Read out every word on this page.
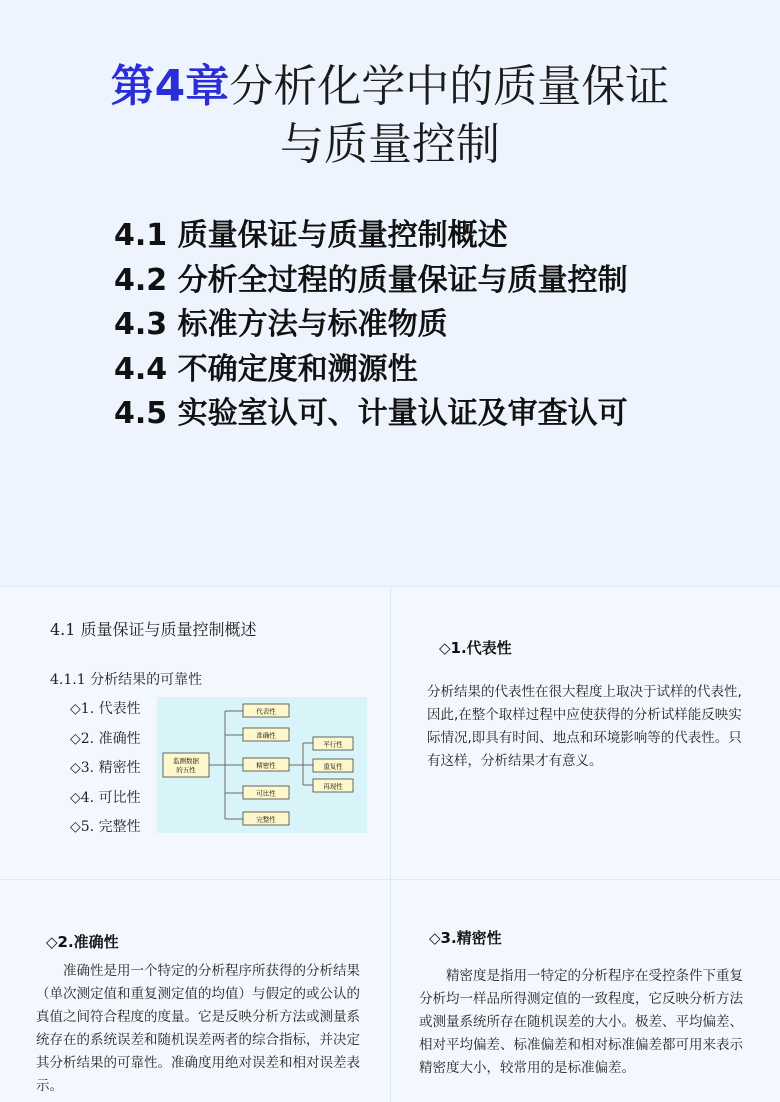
第4章分析化学中的质量保证
与质量控制
4.1 质量保证与质量控制概述
4.2 分析全过程的质量保证与质量控制
4.3 标准方法与标准物质
4.4 不确定度和溯源性
4.5 实验室认可、计量认证及审查认可
4.1 质量保证与质量控制概述
4.1.1 分析结果的可靠性
◇1. 代表性
◇2. 准确性
◇3. 精密性
◇4. 可比性
◇5. 完整性
监测数据
的五性
代表性
准确性
精密性
可比性
完整性
平行性
重复性
再现性
◇1.代表性
分析结果的代表性在很大程度上取决于试样的代表性,因此,在整个取样过程中应使获得的分析试样能反映实际情况,即具有时间、地点和环境影响等的代表性。只有这样，分析结果才有意义。
◇2.准确性
准确性是用一个特定的分析程序所获得的分析结果（单次测定值和重复测定值的均值）与假定的或公认的真值之间符合程度的度量。它是反映分析方法或测量系统存在的系统误差和随机误差两者的综合指标，并决定其分析结果的可靠性。准确度用绝对误差和相对误差表示。
◇3.精密性
精密度是指用一特定的分析程序在受控条件下重复分析均一样品所得测定值的一致程度，它反映分析方法或测量系统所存在随机误差的大小。极差、平均偏差、相对平均偏差、标准偏差和相对标准偏差都可用来表示精密度大小，较常用的是标准偏差。
